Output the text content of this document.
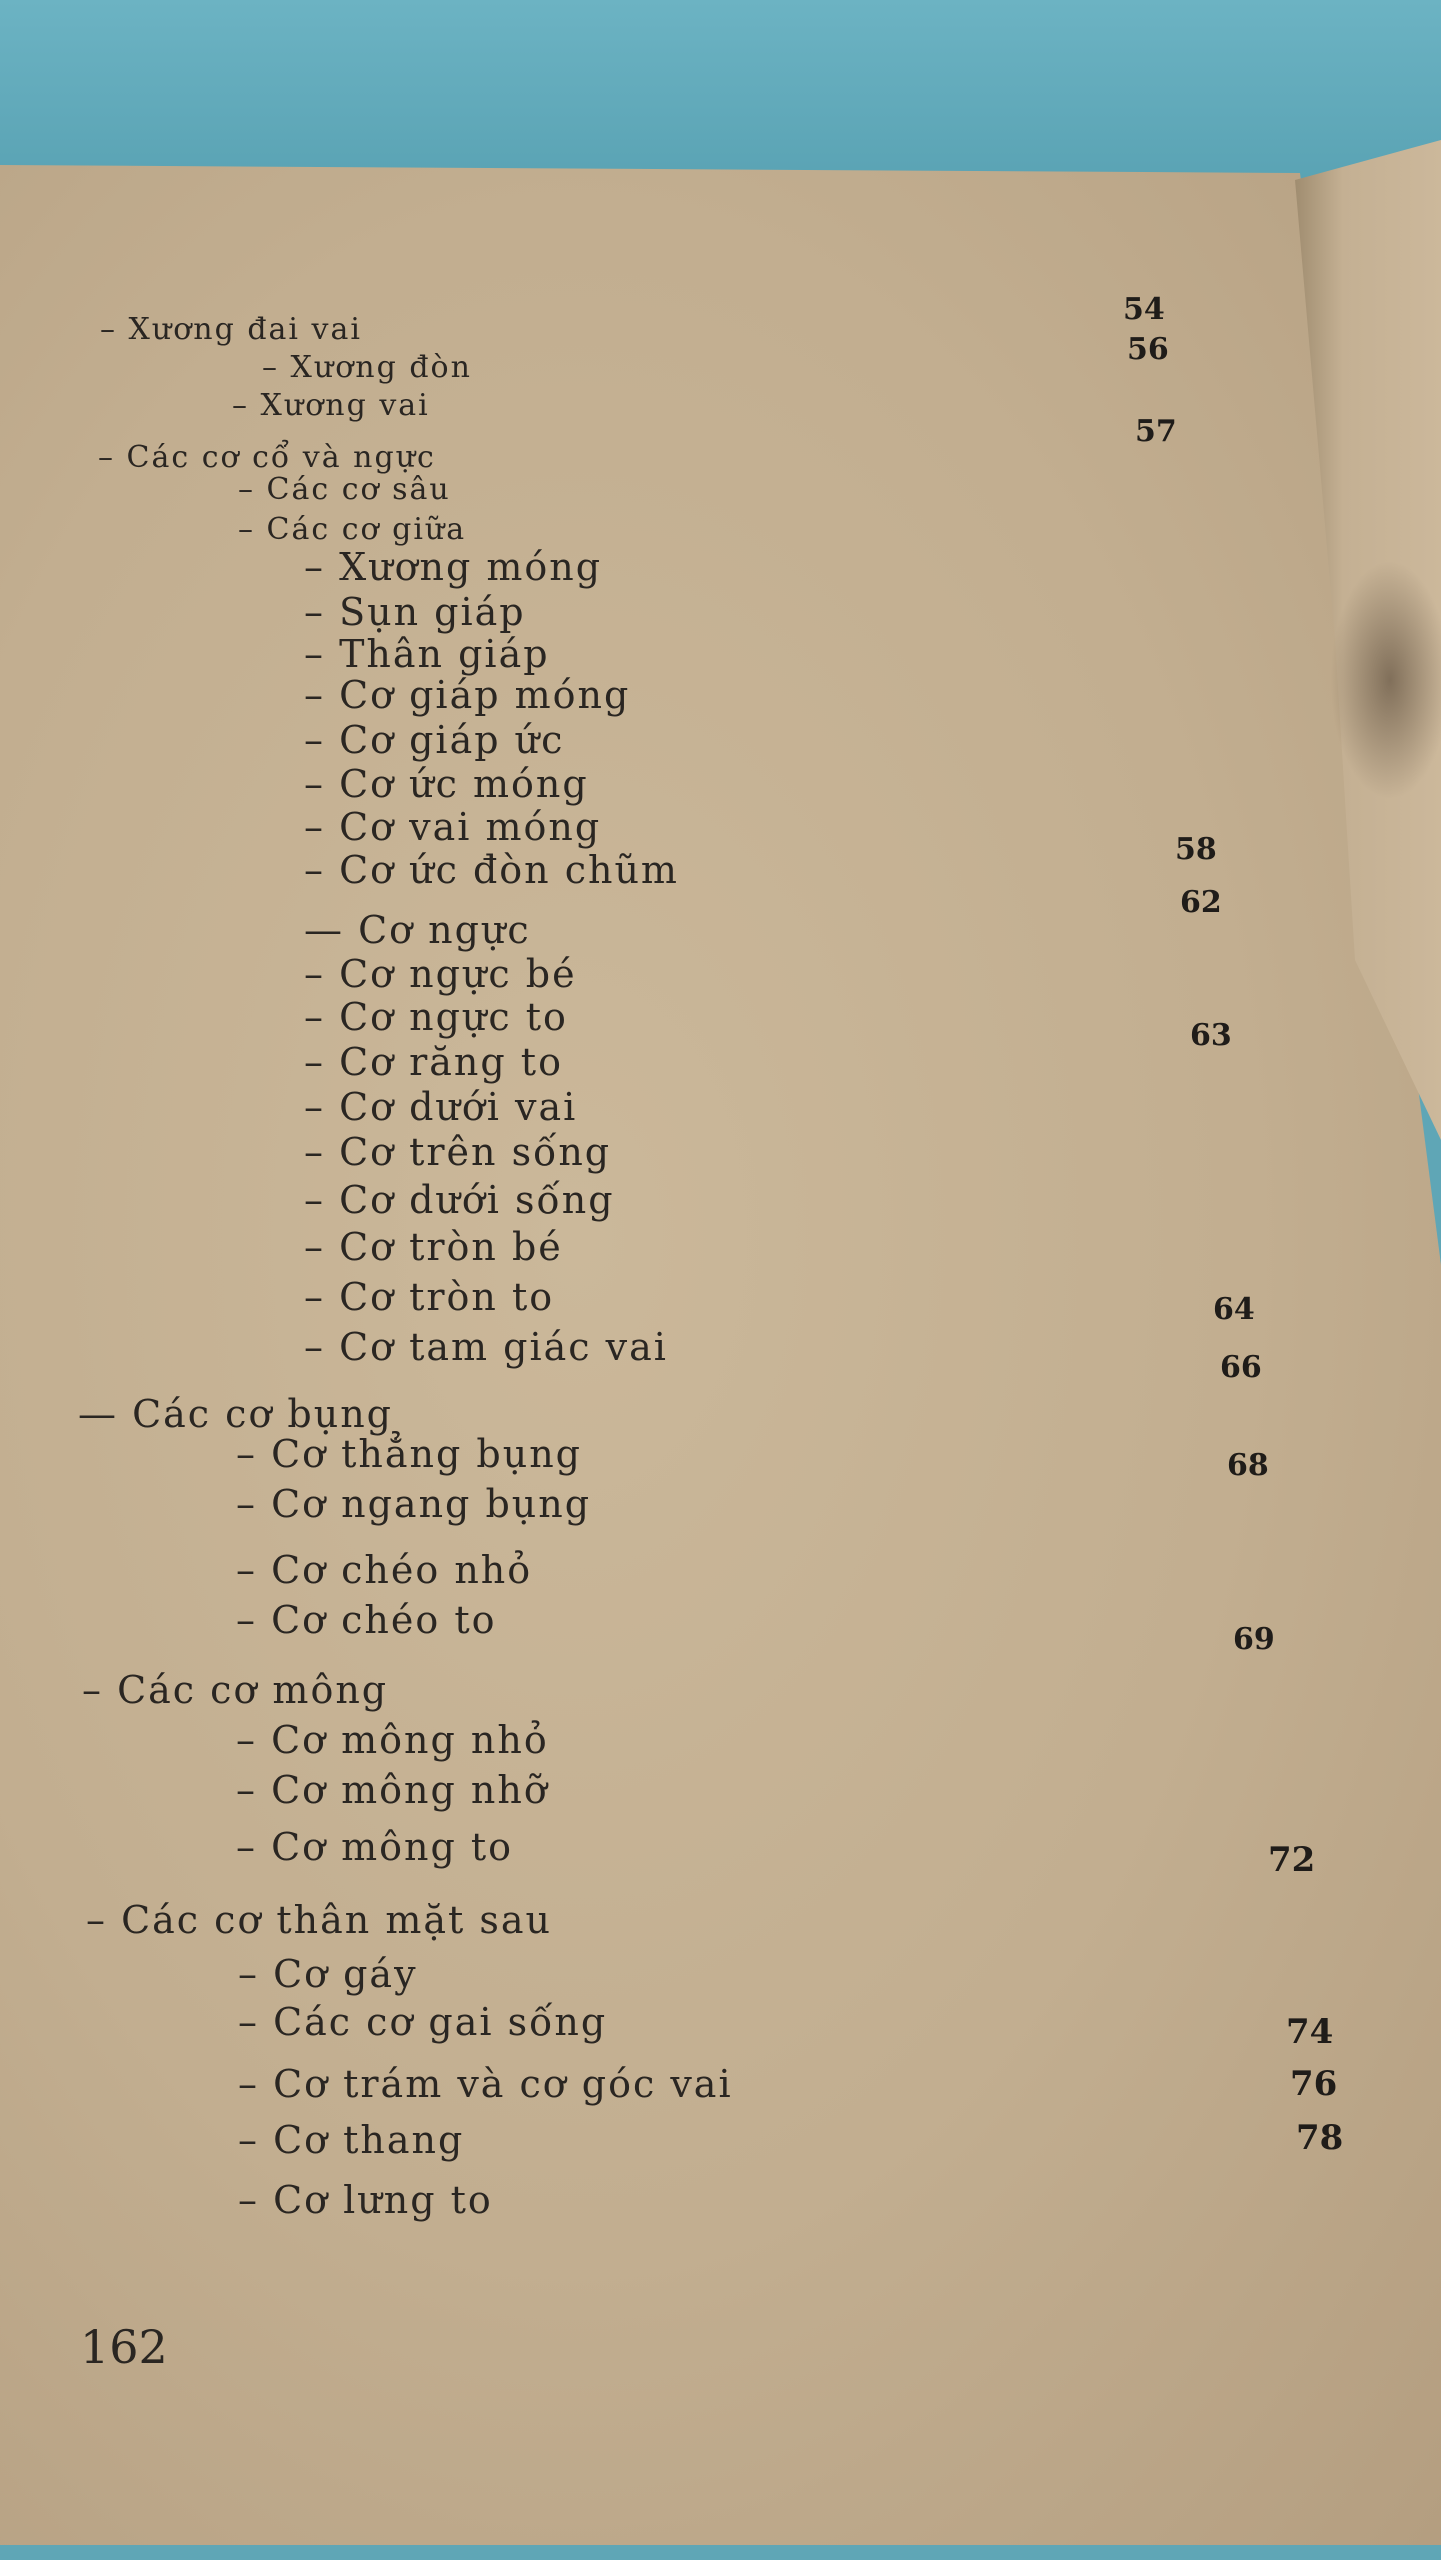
– Xương đai vai
– Xương đòn
– Xương vai
– Các cơ cổ và ngực
– Các cơ sâu
– Các cơ giữa
– Xương móng
– Sụn giáp
– Thân giáp
– Cơ giáp móng
– Cơ giáp ức
– Cơ ức móng
– Cơ vai móng
– Cơ ức đòn chũm
— Cơ ngực
– Cơ ngực bé
– Cơ ngực to
– Cơ răng to
– Cơ dưới vai
– Cơ trên sống
– Cơ dưới sống
– Cơ tròn bé
– Cơ tròn to
– Cơ tam giác vai
— Các cơ bụng
– Cơ thẳng bụng
– Cơ ngang bụng
– Cơ chéo nhỏ
– Cơ chéo to
– Các cơ mông
– Cơ mông nhỏ
– Cơ mông nhỡ
– Cơ mông to
– Các cơ thân mặt sau
– Cơ gáy
– Các cơ gai sống
– Cơ trám và cơ góc vai
– Cơ thang
– Cơ lưng to
54
56
57
58
62
63
64
66
68
69
72
74
76
78
162
